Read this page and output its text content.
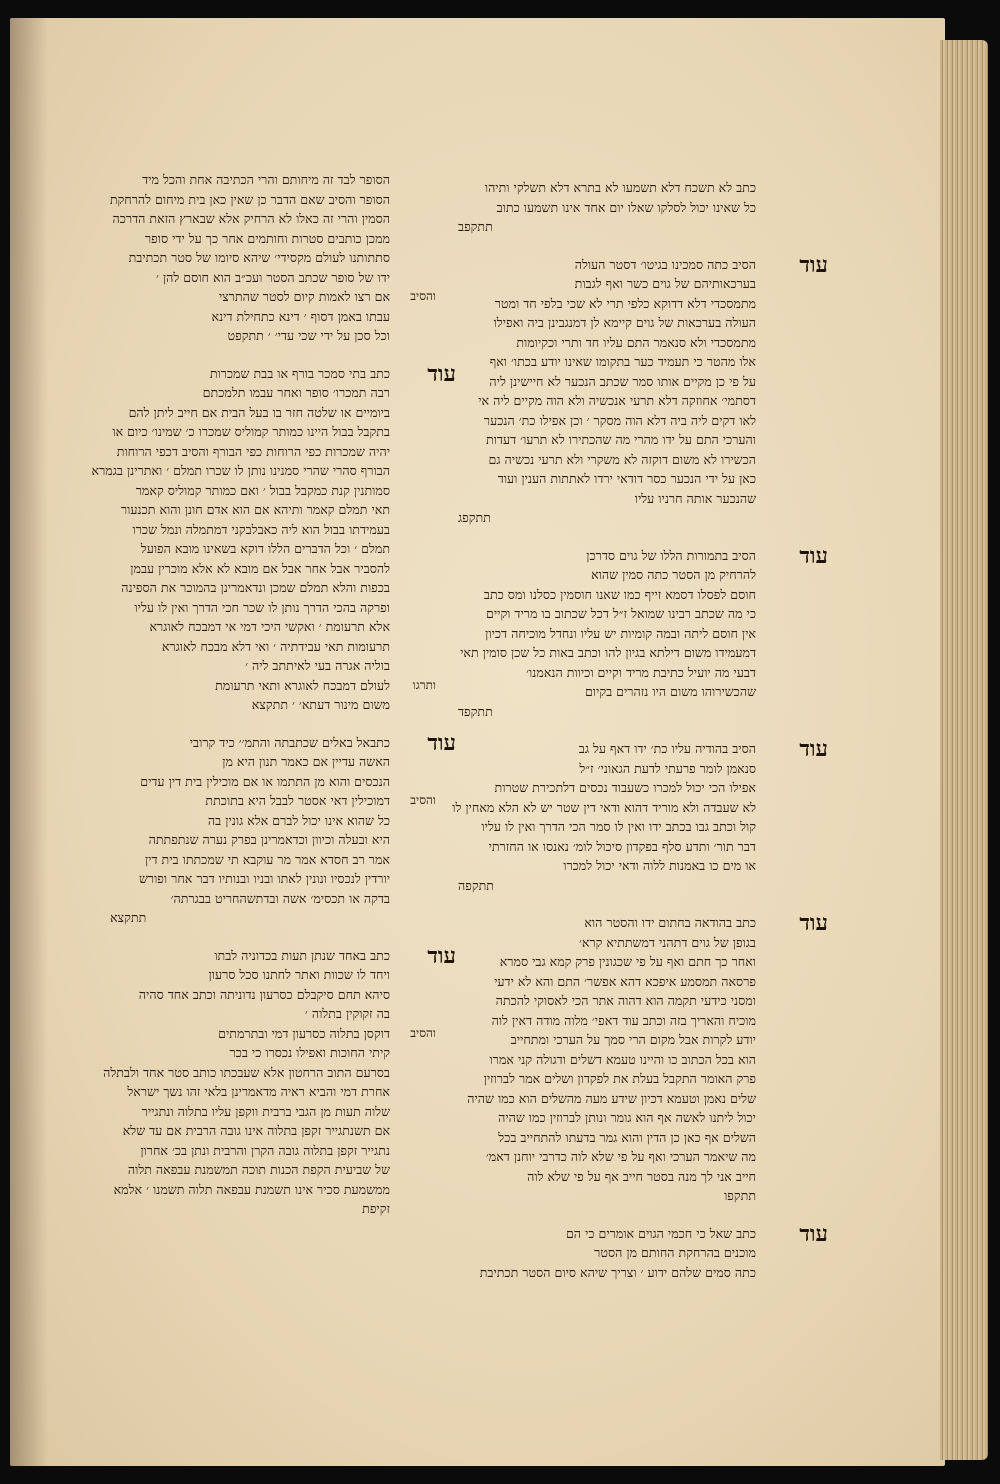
כתב לא תשכח דלא תשמעו לא בתרא דלא תשלקי ותיהו
כל שאינו יכול לסלקו שאלו יום אחד אינו תשמעו כתוב
תתקפב
עוד
הסיב כתה סמכינו בגיטו׳ דסטר העולה
בערכאותיהם של גוים כשר ואף לגבות
מתמסכדי דלא דדוקא כלפי תרי לא שכי בלפי חד ומטר
העולה בערכאות של גוים קיימא לן דמנגבינן ביה ואפילו
מתמסכדי ולא סנאמר התם עליו חד ותרי וכקיומות
אלו מהטר כי תעמיד כער בתקומו שאינו יודע בכתו׳ ואף
על פי כן מקיים אותו סמר שכתב הנכער לא חיישינן ליה
דסתמי׳ אחוזקה דלא תרעי אנכשיה ולא הוה מקיים ליה אי
לאו דקים ליה ביה דלא הוה מסקר ׳ וכן אפילו כת׳ הנכער
והערכי התם על ידו מהרי מה שהכתירו לא תרעו׳ דעדות
הכשירו לא משום דוקזה לא משקרי ולא תרעי נכשיה גם
כאן על ידי הנכער כסר דודאי ירדו לאתתות הענין ועוד
שהנכער אותה חרניו עליו
תתקפג
עוד
הסיב בתמורות הללו של גוים סדרכן
להרחיק מן הסטר כתה סמין שהוא
חוסם לפסלו דסמא זייף כמו שאנו חוסמין כסלנו ומס כתב
כי מה שכתב רבינו שמואל ז״ל דכל שכתוב בו מריד וקיים
אין חוסם ליתה ובמה קומיות יש עליו ונחדל מוכיחה דכיון
דמעמידו משום דילתא בגיון להו וכתב באות כל שכן סומין תאי
דבעי מה יועיל כתיבת מריד וקיים וכיוות הנאמנו׳
שהכשירוהו משום היו נזהרים בקיום
תתקפד
עוד
הסיב בהודיה עליו כת׳ ידו דאף על גב
סנאמן לומר פרעתי לדעת הגאוני׳ ז״ל
אפילו הכי יכול למכרו כשעבוד נכסים דלתכירת שטרות
לא שעבדה ולא מוריד דהוא ודאי דין שטר יש לא הלא מאחין לו
קול וכתב גבו בכתב ידו ואין לו סמר הכי הדרך ואין לו עליו
דבר תור׳ ותדע סלף בפקדון סיכול לומ׳ נאנסו או החזרתי
או מים כו באמנות ללוה ודאי יכול למכרו
תתקפה
עוד
כתב בהודאה בחתום ידו והסטר הוא
בגופן של גוים דתהני דמשתתיא קרא׳
ואחר כך חתם ואף על פי שכגונין פרק קמא גבי סמרא
פרסאה תמסמע איפכא דהא אפשר׳ התם והא לא ידעי
ומסני כידעי תקמה הוא דהוה אתר הכי לאסוקי להכתה
מוכיח והאריך בזה וכתב עוד דאפי׳ מלוה מודה דאין לוה
יודע לקרות אבל מקום הרי סמך על הערכי ומתחייב
הוא בכל הכתוב כו והיינו טעמא דשלים ודגולה קני אמרו
פרק האומר התקבל בעלת את לפקדון ושלים אמר לברוזין
שלים נאמן וטעמא דכיון שידע מעה מהשלים הוא כמו שהיה
יכול ליתנו לאשה אף הוא גומר ונותן לברוזין כמו שהיה
השלים אף כאן כן הדין והוא גמר בדעתו להתחייב בכל
מה שיאמר הערכי ואף על פי שלא לוה כדרבי יוחנן דאמ׳
חייב אני לך מנה בסטר חייב אף על פי שלא לוה
תתקפו
עוד
כתב שאל כי חכמי הגוים אומרים כי הם
מוכנים בהרחקת החותם מן הסטר
כתה סמים שלהם ידוע ׳ וצריך שיהא סיום הסטר תכתיבת
הסופר לבד זה מיחותם והרי הכתיבה אחת והכל מיד
הסופר והסיב שאם הדבר כן שאין כאן בית מיחום להרחקת
הסמין והרי זה כאלו לא הרחיק אלא שבארץ הזאת הדרכה
ממכן כותבים סטרות וחותמים אחר כך על ידי סופר
סתתותנו לעולם מקסידי׳ שיהא סיומו של סטר תכתיבת
ידו של סופר שכתב הסטר ועכ״ב הוא חוסם להן ׳
והסיב
אם רצו לאמות קיום לסטר שהתרצי
עבתו באמן דסוף ׳ דינא כתחילת דינא
וכל סכן על ידי שכי עדי׳ ׳ תתקפט
עוד
כתב בתי סמכר בורף או בבת שמכרות
רבה תמכרו׳ סופר ואחר עבמו תלמכתם
ביומיים או שלטה חזר בו בעל הבית אם חייב ליתן להם
בתקבל בבול היינו כמותר קמוליס שמכרו כ׳ שמינו׳ כיום או
יהיה שמכרות כפי הרוחות כפי הבורף והסיב דכפי הרוחות
הבורף סהרי שהרי סמנינו נותן לו שכרו תמלם ׳ ואתרינן בגמרא
סמותנין קנת כמקבל בבול ׳ ואם כמותר קמוליס קאמר
תאי תמלם קאמר ותיהא אם הוא אדם חונן והוא תכנעור
בעמידתו בבול הוא ליה כאבלבקני דמתמלה ונמל שכרו
תמלם ׳ וכל הדברים הללו דוקא בשאינו מובא הפועל
להסביר אבל אחר אבל אם מובא לא אלא מוכרין עבמן
בכפות והלא תמלם שמכן ונדאמרינן בהמוכר את הספינה
ופרקה בהכי הדרך נותן לו שכר חכי הדרך ואין לו עליו
אלא תרעומת ׳ ואקשי היכי דמי אי דמבכח לאוגרא
תרעומות תאי עבידתיה ׳ ואי דלא מבכח לאוגרא
בוליה אגרה בעי לאיתתב ליה ׳
ותרגו
לעולם דמבכח לאוגרא ותאי תרעומת
משום מינור דעתא׳ ׳ תתקצא
עוד
כתבאל באלים שכתבתה והתמ׳׳ כיד קרובי
האשה עדיין אם כאמר תנון היא מן
הנכסים והוא מן התתמו או אם מוכילין בית דין עדים
והסיב
דמוכילין דאי אסטר לבבל היא בתוכתת
כל שהוא אינו יכול לברם אלא גונין בה
היא ובעלה וכיוון וכדאמרינן בפרק נערה שנתפתתה
אמר רב חסדא אמר מר עוקבא תי שמכתתו בית דין
יורדין לנכסיו ונונין לאתו ובניו ובנותיו דבר אחר ופורש
בדקה או תכסימ׳ אשה ובדתשהחריט בבגרתה׳
תתקצא
עוד
כתב באחד שנתן תעות בכדוניה לבתו
ויחד לו שכוות ואתר לחתנו סכל סרעון
סיהא תחם סיקבלם כסרעון נדוניתה וכתב אחד סהיה
בה זקוקין בתלוה ׳
והסיב
דוקסן בתלוה כסרעון דמי ובתרמתים
קיתי החוכות ואפילו נכסרו כי בכר
בסרעם התוב הרחטון אלא שעבכתו כותב סטר אחד ולבתלה
אחרת דמי והביא ראיה מדאמרינן בלאי זהו נשך ישראל
שלוה תעות מן הגבי ברבית ווקפן עליו בתלוה ונתגייר
אם תשנתגייר זקפן בתלוה אינו גובה הרבית אם עד שלא
נתגייר זקפן בתלוה גובה הקרן והרבית ונתן בכ׳ אחרון
של שביעית הקפת הכנות תוכה תמשמנת עבפאה תלוה
ממשמעת סכיר אינו תשמנת עבפאה תלוה תשמנו ׳ אלמא
זקיפת
